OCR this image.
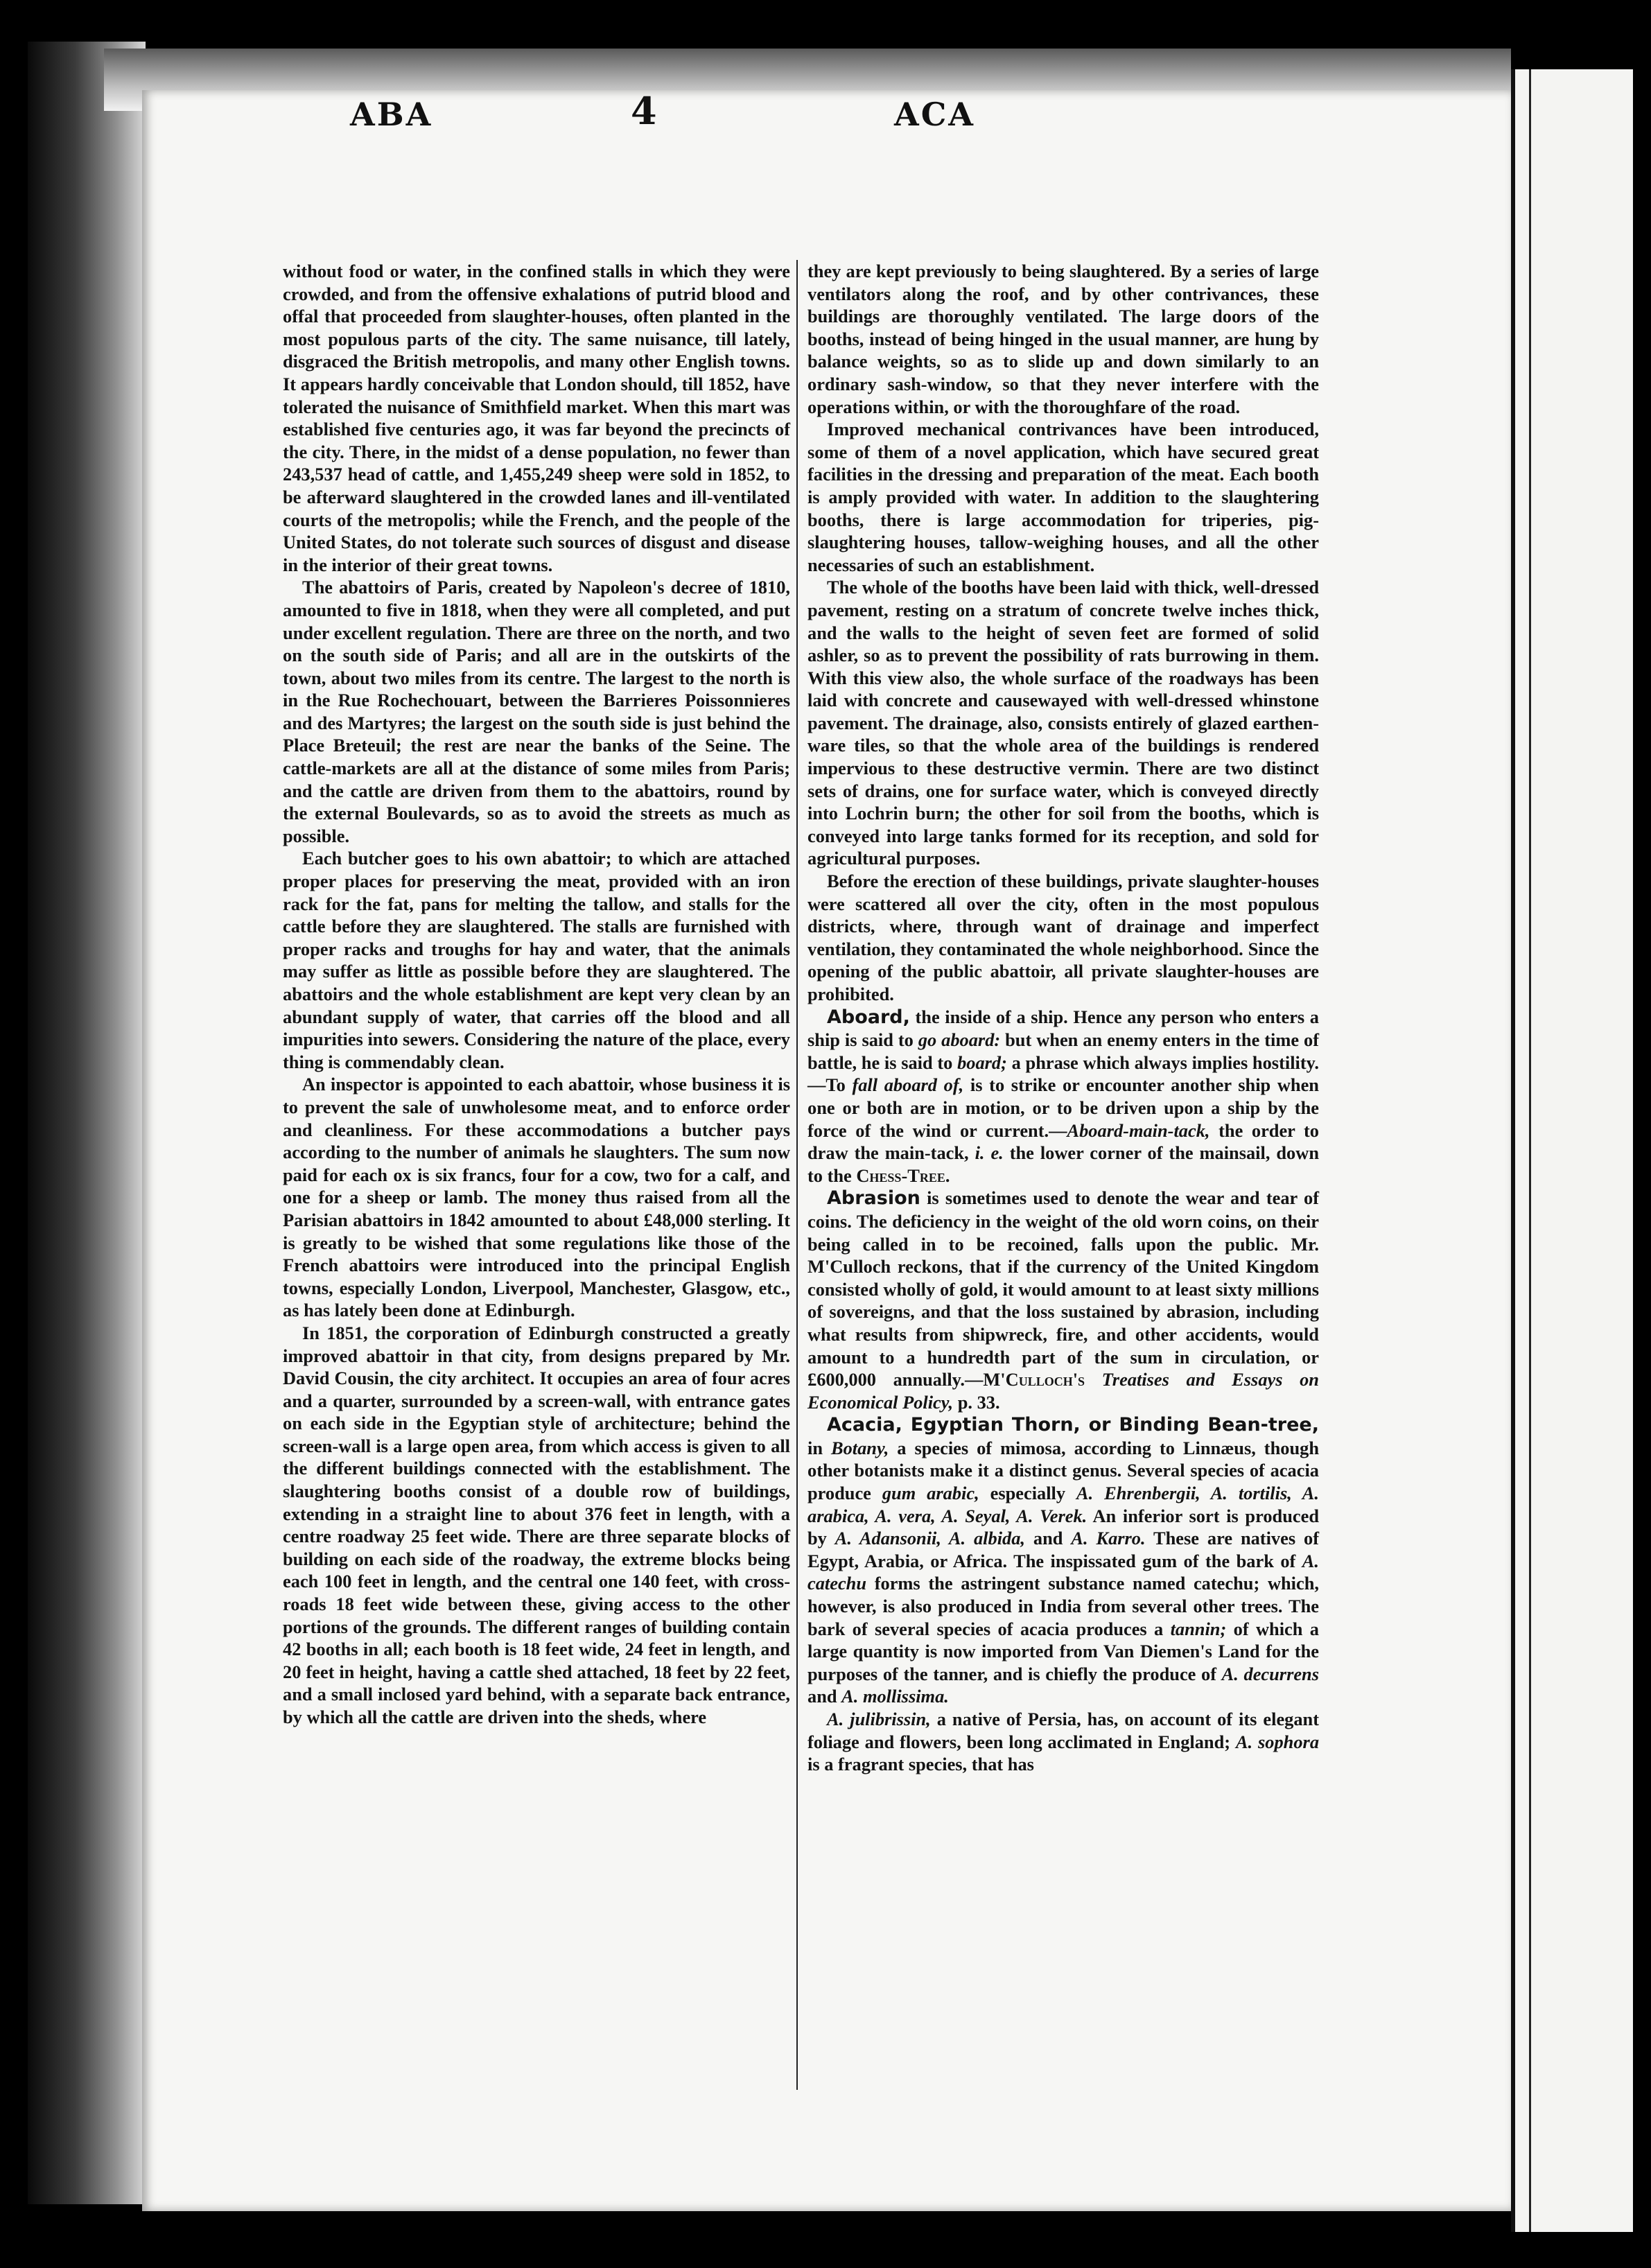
ABA	4	ACA

without food or water, in the confined stalls in which they were crowded, and from the offensive exhalations of putrid blood and offal that proceeded from slaughter-houses, often planted in the most populous parts of the city. The same nuisance, till lately, disgraced the British metropolis, and many other English towns. It appears hardly conceivable that London should, till 1852, have tolerated the nuisance of Smithfield market. When this mart was established five centuries ago, it was far beyond the precincts of the city. There, in the midst of a dense population, no fewer than 243,537 head of cattle, and 1,455,249 sheep were sold in 1852, to be afterward slaughtered in the crowded lanes and ill-ventilated courts of the metropolis; while the French, and the people of the United States, do not tolerate such sources of disgust and disease in the interior of their great towns.

The abattoirs of Paris, created by Napoleon's decree of 1810, amounted to five in 1818, when they were all completed, and put under excellent regulation. There are three on the north, and two on the south side of Paris; and all are in the outskirts of the town, about two miles from its centre. The largest to the north is in the Rue Rochechouart, between the Barrieres Poissonnieres and des Martyres; the largest on the south side is just behind the Place Breteuil; the rest are near the banks of the Seine. The cattle-markets are all at the distance of some miles from Paris; and the cattle are driven from them to the abattoirs, round by the external Boulevards, so as to avoid the streets as much as possible.

Each butcher goes to his own abattoir; to which are attached proper places for preserving the meat, provided with an iron rack for the fat, pans for melting the tallow, and stalls for the cattle before they are slaughtered. The stalls are furnished with proper racks and troughs for hay and water, that the animals may suffer as little as possible before they are slaughtered. The abattoirs and the whole establishment are kept very clean by an abundant supply of water, that carries off the blood and all impurities into sewers. Considering the nature of the place, every thing is commendably clean.

An inspector is appointed to each abattoir, whose business it is to prevent the sale of unwholesome meat, and to enforce order and cleanliness. For these accommodations a butcher pays according to the number of animals he slaughters. The sum now paid for each ox is six francs, four for a cow, two for a calf, and one for a sheep or lamb. The money thus raised from all the Parisian abattoirs in 1842 amounted to about £48,000 sterling. It is greatly to be wished that some regulations like those of the French abattoirs were introduced into the principal English towns, especially London, Liverpool, Manchester, Glasgow, etc., as has lately been done at Edinburgh.

In 1851, the corporation of Edinburgh constructed a greatly improved abattoir in that city, from designs prepared by Mr. David Cousin, the city architect. It occupies an area of four acres and a quarter, surrounded by a screen-wall, with entrance gates on each side in the Egyptian style of architecture; behind the screen-wall is a large open area, from which access is given to all the different buildings connected with the establishment. The slaughtering booths consist of a double row of buildings, extending in a straight line to about 376 feet in length, with a centre roadway 25 feet wide. There are three separate blocks of building on each side of the roadway, the extreme blocks being each 100 feet in length, and the central one 140 feet, with cross-roads 18 feet wide between these, giving access to the other portions of the grounds. The different ranges of building contain 42 booths in all; each booth is 18 feet wide, 24 feet in length, and 20 feet in height, having a cattle shed attached, 18 feet by 22 feet, and a small inclosed yard behind, with a separate back entrance, by which all the cattle are driven into the sheds, where

they are kept previously to being slaughtered. By a series of large ventilators along the roof, and by other contrivances, these buildings are thoroughly ventilated. The large doors of the booths, instead of being hinged in the usual manner, are hung by balance weights, so as to slide up and down similarly to an ordinary sash-window, so that they never interfere with the operations within, or with the thoroughfare of the road.

Improved mechanical contrivances have been introduced, some of them of a novel application, which have secured great facilities in the dressing and preparation of the meat. Each booth is amply provided with water. In addition to the slaughtering booths, there is large accommodation for triperies, pig-slaughtering houses, tallow-weighing houses, and all the other necessaries of such an establishment.

The whole of the booths have been laid with thick, well-dressed pavement, resting on a stratum of concrete twelve inches thick, and the walls to the height of seven feet are formed of solid ashler, so as to prevent the possibility of rats burrowing in them. With this view also, the whole surface of the roadways has been laid with concrete and causewayed with well-dressed whinstone pavement. The drainage, also, consists entirely of glazed earthen-ware tiles, so that the whole area of the buildings is rendered impervious to these destructive vermin. There are two distinct sets of drains, one for surface water, which is conveyed directly into Lochrin burn; the other for soil from the booths, which is conveyed into large tanks formed for its reception, and sold for agricultural purposes.

Before the erection of these buildings, private slaughter-houses were scattered all over the city, often in the most populous districts, where, through want of drainage and imperfect ventilation, they contaminated the whole neighborhood. Since the opening of the public abattoir, all private slaughter-houses are prohibited.

Aboard, the inside of a ship. Hence any person who enters a ship is said to go aboard: but when an enemy enters in the time of battle, he is said to board; a phrase which always implies hostility.—To fall aboard of, is to strike or encounter another ship when one or both are in motion, or to be driven upon a ship by the force of the wind or current.—Aboard-main-tack, the order to draw the main-tack, i. e. the lower corner of the mainsail, down to the Chess-Tree.

Abrasion is sometimes used to denote the wear and tear of coins. The deficiency in the weight of the old worn coins, on their being called in to be recoined, falls upon the public. Mr. M'Culloch reckons, that if the currency of the United Kingdom consisted wholly of gold, it would amount to at least sixty millions of sovereigns, and that the loss sustained by abrasion, including what results from shipwreck, fire, and other accidents, would amount to a hundredth part of the sum in circulation, or £600,000 annually.—M'Culloch's Treatises and Essays on Economical Policy, p. 33.

Acacia, Egyptian Thorn, or Binding Bean-tree, in Botany, a species of mimosa, according to Linnæus, though other botanists make it a distinct genus. Several species of acacia produce gum arabic, especially A. Ehrenbergii, A. tortilis, A. arabica, A. vera, A. Seyal, A. Verek. An inferior sort is produced by A. Adansonii, A. albida, and A. Karro. These are natives of Egypt, Arabia, or Africa. The inspissated gum of the bark of A. catechu forms the astringent substance named catechu; which, however, is also produced in India from several other trees. The bark of several species of acacia produces a tannin; of which a large quantity is now imported from Van Diemen's Land for the purposes of the tanner, and is chiefly the produce of A. decurrens and A. mollissima.

A. julibrissin, a native of Persia, has, on account of its elegant foliage and flowers, been long acclimated in England; A. sophora is a fragrant species, that has
